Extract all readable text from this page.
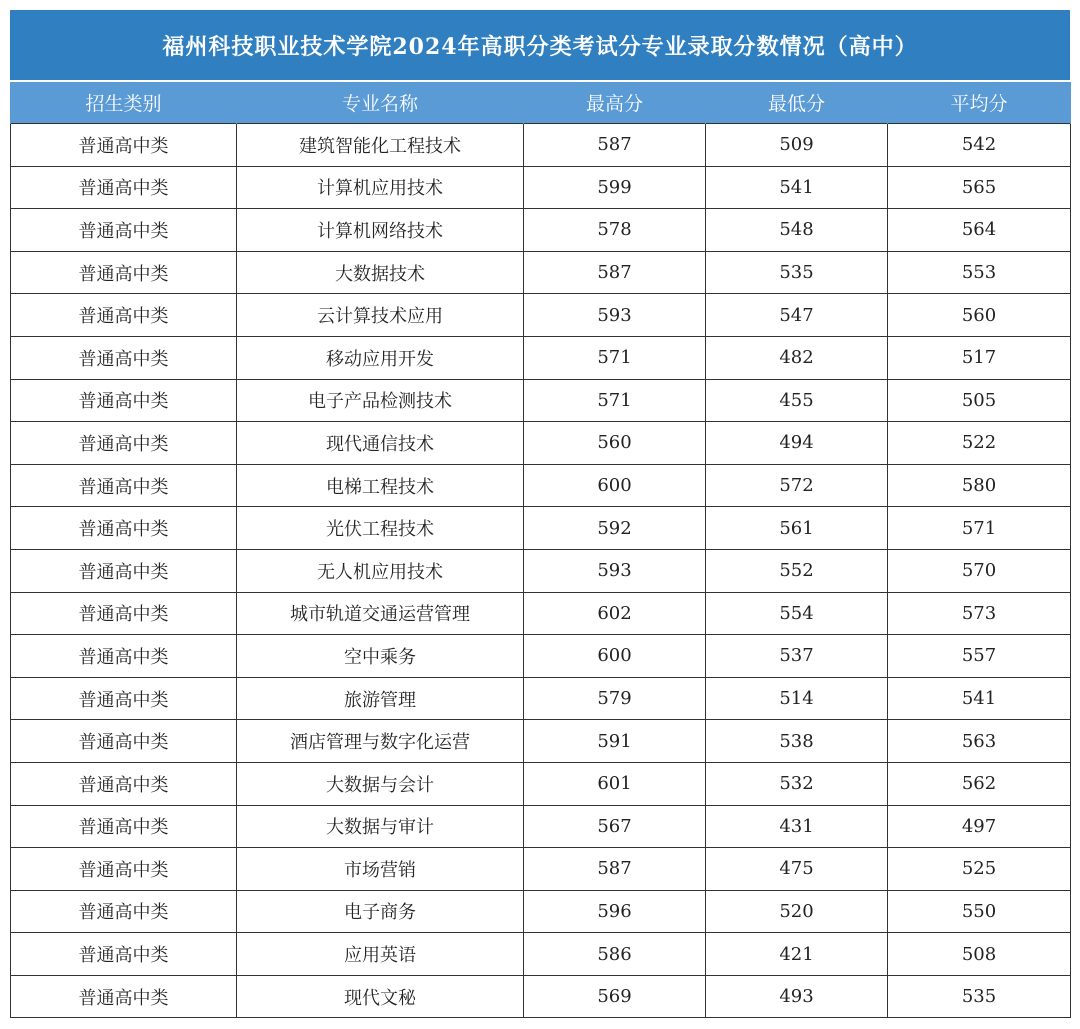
福州科技职业技术学院2024年高职分类考试分专业录取分数情况（高中）
招生类别	专业名称	最高分	最低分	平均分
普通高中类	建筑智能化工程技术	587	509	542
普通高中类	计算机应用技术	599	541	565
普通高中类	计算机网络技术	578	548	564
普通高中类	大数据技术	587	535	553
普通高中类	云计算技术应用	593	547	560
普通高中类	移动应用开发	571	482	517
普通高中类	电子产品检测技术	571	455	505
普通高中类	现代通信技术	560	494	522
普通高中类	电梯工程技术	600	572	580
普通高中类	光伏工程技术	592	561	571
普通高中类	无人机应用技术	593	552	570
普通高中类	城市轨道交通运营管理	602	554	573
普通高中类	空中乘务	600	537	557
普通高中类	旅游管理	579	514	541
普通高中类	酒店管理与数字化运营	591	538	563
普通高中类	大数据与会计	601	532	562
普通高中类	大数据与审计	567	431	497
普通高中类	市场营销	587	475	525
普通高中类	电子商务	596	520	550
普通高中类	应用英语	586	421	508
普通高中类	现代文秘	569	493	535
